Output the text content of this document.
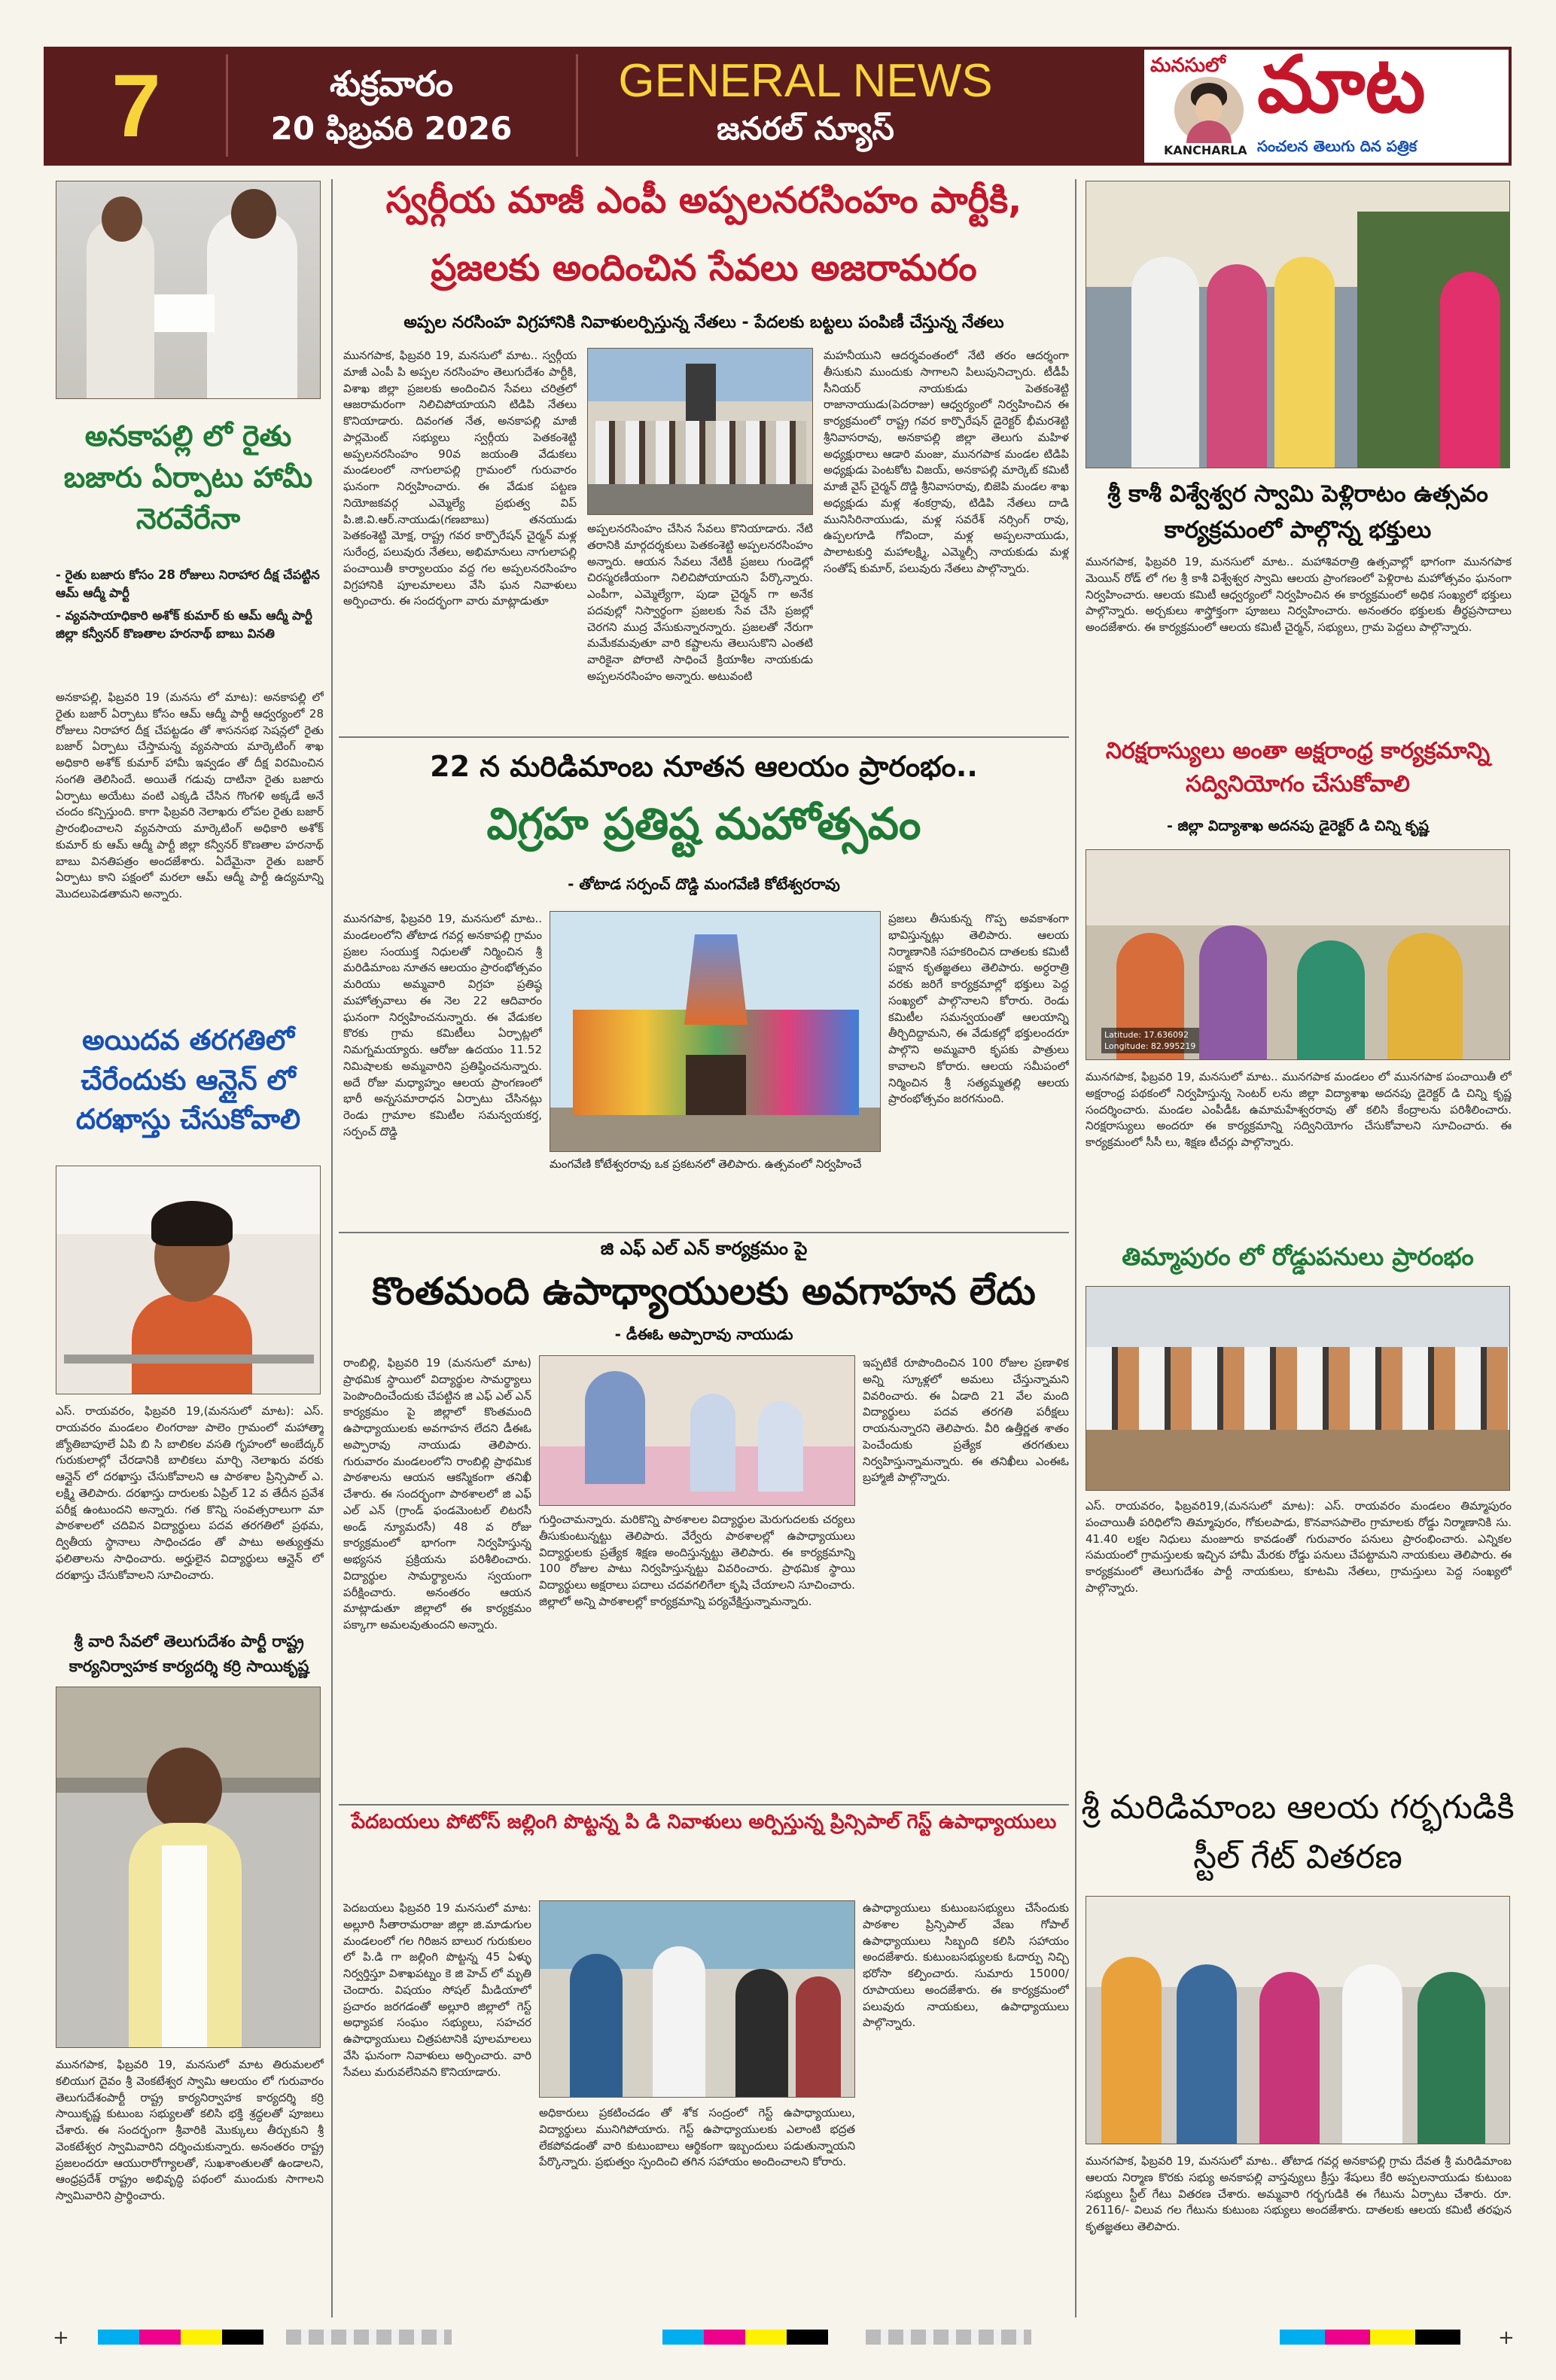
7	శుక్రవారం
20 ఫిబ్రవరి 2026
GENERAL NEWS
జనరల్ న్యూస్
మనసులో
KANCHARLA
మాట
సంచలన తెలుగు దిన పత్రిక
అనకాపల్లి లో రైతు బజారు ఏర్పాటు హామీ నెరవేరేనా
- రైతు బజారు కోసం 28 రోజులు నిరాహార దీక్ష చేపట్టిన ఆమ్ ఆద్మీ పార్టీ
- వ్యవసాయాధికారి అశోక్ కుమార్ కు ఆమ్ ఆద్మీ పార్టీ జిల్లా కన్వీనర్ కొణతాల హరనాథ్ బాబు వినతి
అనకాపల్లి, ఫిబ్రవరి 19 (మనసు లో మాట): అనకాపల్లి లో రైతు బజార్ ఏర్పాటు కోసం ఆమ్ ఆద్మీ పార్టీ ఆధ్వర్యంలో 28 రోజులు నిరాహార దీక్ష చేపట్టడం తో శాసనసభ సెషన్లలో రైతు బజార్ ఏర్పాటు చేస్తామన్న వ్యవసాయ మార్కెటింగ్ శాఖ అధికారి అశోక్ కుమార్ హామీ ఇవ్వడం తో దీక్ష విరమించిన సంగతి తెలిసిందే. అయితే గడువు దాటినా రైతు బజారు ఏర్పాటు అయేటు వంటి ఎక్కడి చేసిన గొంగళి అక్కడే అనే చందం కన్పిస్తుంది. కాగా ఫిబ్రవరి నెలాఖరు లోపల రైతు బజార్ ప్రారంభించాలని వ్యవసాయ మార్కెటింగ్ అధికారి అశోక్ కుమార్ కు ఆమ్ ఆద్మీ పార్టీ జిల్లా కన్వీనర్ కొణతాల హరనాథ్ బాబు వినతిపత్రం అందజేశారు. ఏదేమైనా రైతు బజార్ ఏర్పాటు కాని పక్షంలో మరలా ఆమ్ ఆద్మీ పార్టీ ఉద్యమాన్ని మొదలుపెడతామని అన్నారు.
అయిదవ తరగతిలో చేరేందుకు ఆన్లైన్ లో దరఖాస్తు చేసుకోవాలి
ఎస్. రాయవరం, ఫిబ్రవరి 19,(మనసులో మాట): ఎస్. రాయవరం మండలం లింగరాజు పాలెం గ్రామంలో మహాత్మా జ్యోతిబాపూలే ఏపి బి సి బాలికల వసతి గృహంలో అంబేద్కర్ గురుకులాల్లో చేరడానికి బాలికలు మార్చి నెలాఖరు వరకు ఆన్లైన్ లో దరఖాస్తు చేసుకోవాలని ఆ పాఠశాల ప్రిన్సిపాల్ ఎ. లక్ష్మి తెలిపారు. దరఖాస్తు దారులకు ఏప్రిల్ 12 వ తేదీన ప్రవేశ పరీక్ష ఉంటుందని అన్నారు. గత కొన్ని సంవత్సరాలుగా మా పాఠశాలలో చదివిన విద్యార్థులు పదవ తరగతిలో ప్రథమ, ద్వితీయ స్థానాలు సాధించడం తో పాటు అత్యుత్తమ ఫలితాలను సాధించారు. అర్హులైన విద్యార్థులు ఆన్లైన్ లో దరఖాస్తు చేసుకోవాలని సూచించారు.
శ్రీ వారి సేవలో తెలుగుదేశం పార్టీ రాష్ట్ర కార్యనిర్వాహక కార్యదర్శి కర్రి సాయికృష్ణ
మునగపాక, ఫిబ్రవరి 19, మనసులో మాట తిరుమలలో కలియుగ దైవం శ్రీ వెంకటేశ్వర స్వామి ఆలయం లో గురువారం తెలుగుదేశంపార్టీ రాష్ట్ర కార్యనిర్వాహక కార్యదర్శి కర్రి సాయికృష్ణ కుటుంబ సభ్యులతో కలిసి భక్తి శ్రద్ధలతో పూజలు చేశారు. ఈ సందర్భంగా శ్రీవారికి మొక్కులు తీర్చుకుని శ్రీ వెంకటేశ్వర స్వామివారిని దర్శించుకున్నారు. అనంతరం రాష్ట్ర ప్రజలందరూ ఆయురారోగ్యాలతో, సుఖశాంతులతో ఉండాలని, ఆంధ్రప్రదేశ్ రాష్ట్రం అభివృద్ధి పథంలో ముందుకు సాగాలని స్వామివారిని ప్రార్థించారు.
స్వర్గీయ మాజీ ఎంపీ అప్పలనరసింహం పార్టీకి,
ప్రజలకు అందించిన సేవలు అజరామరం
అప్పల నరసింహ విగ్రహానికి నివాళులర్పిస్తున్న నేతలు - పేదలకు బట్టలు పంపిణీ చేస్తున్న నేతలు
మునగపాక, ఫిబ్రవరి 19, మనసులో మాట.. స్వర్గీయ మాజీ ఎంపీ పి అప్పల నరసింహం తెలుగుదేశం పార్టీకి, విశాఖ జిల్లా ప్రజలకు అందించిన సేవలు చరిత్రలో ఆజరామరంగా నిలిచిపోయాయని టిడిపి నేతలు కొనియాడారు. దివంగత నేత, అనకాపల్లి మాజీ పార్లమెంట్ సభ్యులు స్వర్గీయ పెతకంశెట్టి అప్పలనరసింహం 90వ జయంతి వేడుకలు మండలంలో నాగులాపల్లి గ్రామంలో గురువారం ఘనంగా నిర్వహించారు. ఈ వేడుక పట్టణ నియోజకవర్గ ఎమ్మెల్యే ప్రభుత్వ విప్ పి.జి.వి.ఆర్.నాయుడు(గణబాబు) తనయుడు పెతకంశెట్టి మోక్ష, రాష్ట్ర గవర కార్పొరేషన్ చైర్మన్ మళ్ల సురేంద్ర, పలువురు నేతలు, అభిమానులు నాగులాపల్లి పంచాయితీ కార్యాలయం వద్ద గల అప్పలనరసింహం విగ్రహానికి పూలమాలలు వేసి ఘన నివాళులు అర్పించారు. ఈ సందర్భంగా వారు మాట్లాడుతూ
అప్పలనరసింహం చేసిన సేవలు కొనియాడారు. నేటి తరానికి మార్గదర్శకులు పెతకంశెట్టి అప్పలనరసింహం అన్నారు. ఆయన సేవలు నేటికీ ప్రజలు గుండెల్లో చిరస్మరణీయంగా నిలిచిపోయాయని పేర్కొన్నారు. ఎంపీగా, ఎమ్మెల్యేగా, పుడా చైర్మన్ గా అనేక పదవుల్లో నిస్వార్థంగా ప్రజలకు సేవ చేసి ప్రజల్లో చెరగని ముద్ర వేసుకున్నారన్నారు. ప్రజలతో నేరుగా మమేకమవుతూ వారి కష్టాలను తెలుసుకొని ఎంతటి వారికైనా పోరాటి సాధించే క్రియాశీల నాయకుడు అప్పలనరసింహం అన్నారు. అటువంటి
మహనీయుని ఆదర్శవంతంలో నేటి తరం ఆదర్శంగా తీసుకుని ముందుకు సాగాలని పిలుపునిచ్చారు. టీడీపీ సీనియర్ నాయకుడు పెతకంశెట్టి రాజానాయుడు(పెదరాజు) ఆధ్వర్యంలో నిర్వహించిన ఈ కార్యక్రమంలో రాష్ట్ర గవర కార్పొరేషన్ డైరెక్టర్ భీమరశెట్టి శ్రీనివాసరావు, అనకాపల్లి జిల్లా తెలుగు మహిళ అధ్యక్షురాలు ఆడారి మంజు, మునగపాక మండల టిడిపి అధ్యక్షుడు పెంటకోట విజయ్, అనకాపల్లి మార్కెట్ కమిటీ మాజీ వైస్ చైర్మన్ దొడ్డి శ్రీనివాసరావు, బిజెపి మండల శాఖ అధ్యక్షుడు మళ్ల శంకర్రావు, టిడిపి నేతలు దాడి మునిసిరినాయుడు, మళ్ల సవరేశ్ నర్సింగ్ రావు, ఉప్పలగూడి గోవిందా, మళ్ల అప్పలనాయుడు, పాలాటకుర్తి మహాలక్ష్మి, ఎమ్మెల్సీ నాయకుడు మళ్ల సంతోష్ కుమార్, పలువురు నేతలు పాల్గొన్నారు.
22 న మరిడిమాంబ నూతన ఆలయం ప్రారంభం..
విగ్రహ ప్రతిష్ట మహోత్సవం
- తోటాడ సర్పంచ్ దొడ్డి మంగవేణి కోటేశ్వరరావు
మునగపాక, ఫిబ్రవరి 19, మనసులో మాట.. మండలంలోని తోటాడ గవర్ల అనకాపల్లి గ్రామం ప్రజల సంయుక్త నిధులతో నిర్మించిన శ్రీ మరిడిమాంబ నూతన ఆలయం ప్రారంభోత్సవం మరియు అమ్మవారి విగ్రహ ప్రతిష్ఠ మహోత్సవాలు ఈ నెల 22 ఆదివారం ఘనంగా నిర్వహించనున్నారు. ఈ వేడుకల కొరకు గ్రామ కమిటీలు ఏర్పాట్లలో నిమగ్నమయ్యారు. ఆరోజు ఉదయం 11.52 నిమిషాలకు అమ్మవారిని ప్రతిష్ఠించనున్నారు. అదే రోజు మధ్యాహ్నం ఆలయ ప్రాంగణంలో భారీ అన్నసమారాధన ఏర్పాటు చేసినట్లు రెండు గ్రామాల కమిటీల సమన్వయకర్త, సర్పంచ్ దొడ్డి
మంగవేణి కోటేశ్వరరావు ఒక ప్రకటనలో తెలిపారు. ఉత్సవంలో నిర్వహించే
ప్రజలు తీసుకున్న గొప్ప అవకాశంగా భావిస్తున్నట్లు తెలిపారు. ఆలయ నిర్మాణానికి సహకరించిన దాతలకు కమిటీ పక్షాన కృతజ్ఞతలు తెలిపారు. అర్ధరాత్రి వరకు జరిగే కార్యక్రమాల్లో భక్తులు పెద్ద సంఖ్యలో పాల్గొనాలని కోరారు. రెండు కమిటీల సమన్వయంతో ఆలయాన్ని తీర్చిదిద్దామని, ఈ వేడుకల్లో భక్తులందరూ పాల్గొని అమ్మవారి కృపకు పాత్రులు కావాలని కోరారు. ఆలయ సమీపంలో నిర్మించిన శ్రీ సత్యమ్మతల్లి ఆలయ ప్రారంభోత్సవం జరగనుంది.
జి ఎఫ్ ఎల్ ఎన్ కార్యక్రమం పై
కొంతమంది ఉపాధ్యాయులకు అవగాహన లేదు
- డీఈఓ అప్పారావు నాయుడు
రాంబిల్లి, ఫిబ్రవరి 19 (మనసులో మాట) ప్రాథమిక స్థాయిలో విద్యార్థుల సామర్థ్యాలు పెంపొందించేందుకు చేపట్టిన జి ఎఫ్ ఎల్ ఎన్ కార్యక్రమం పై జిల్లాలో కొంతమంది ఉపాధ్యాయులకు అవగాహన లేదని డీఈఓ అప్పారావు నాయుడు తెలిపారు. గురువారం మండలంలోని రాంబిల్లి ప్రాథమిక పాఠశాలను ఆయన ఆకస్మికంగా తనిఖీ చేశారు. ఈ సందర్భంగా పాఠశాలలో జి ఎఫ్ ఎల్ ఎన్ (గ్రాండ్ ఫండమెంటల్ లిటరసీ అండ్ న్యూమరసీ) 48 వ రోజు కార్యక్రమంలో భాగంగా నిర్వహిస్తున్న అభ్యసన ప్రక్రియను పరిశీలించారు. విద్యార్థుల సామర్థ్యాలను స్వయంగా పరీక్షించారు. అనంతరం ఆయన మాట్లాడుతూ జిల్లాలో ఈ కార్యక్రమం పక్కాగా అమలవుతుందని అన్నారు.
గుర్తించామన్నారు. మరికొన్ని పాఠశాలల విద్యార్థుల మెరుగుదలకు చర్యలు తీసుకుంటున్నట్టు తెలిపారు. వేర్వేరు పాఠశాలల్లో ఉపాధ్యాయులు విద్యార్థులకు ప్రత్యేక శిక్షణ అందిస్తున్నట్టు తెలిపారు. ఈ కార్యక్రమాన్ని 100 రోజుల పాటు నిర్వహిస్తున్నట్టు వివరించారు. ప్రాథమిక స్థాయి విద్యార్థులు అక్షరాలు పదాలు చదవగలిగేలా కృషి చేయాలని సూచించారు. జిల్లాలో అన్ని పాఠశాలల్లో కార్యక్రమాన్ని పర్యవేక్షిస్తున్నామన్నారు.
ఇప్పటికే రూపొందించిన 100 రోజుల ప్రణాళిక అన్ని స్కూళ్లలో అమలు చేస్తున్నామని వివరించారు. ఈ ఏడాది 21 వేల మంది విద్యార్థులు పదవ తరగతి పరీక్షలు రాయనున్నారని తెలిపారు. వీరి ఉత్తీర్ణత శాతం పెంచేందుకు ప్రత్యేక తరగతులు నిర్వహిస్తున్నామన్నారు. ఈ తనిఖీలు ఎంఈఓ బ్రహ్మాజీ పాల్గొన్నారు.
పేదబయలు పోటోస్ జల్లింగి పొట్టన్న పి డి నివాళులు అర్పిస్తున్న ప్రిన్సిపాల్ గెస్ట్ ఉపాధ్యాయులు
పెదబయలు ఫిబ్రవరి 19 మనసులో మాట: అల్లూరి సీతారామరాజు జిల్లా జి.మాడుగుల మండలంలో గల గిరిజన బాలుర గురుకులం లో పి.డి గా జల్లింగి పొట్టన్న 45 ఏళ్ళు నిర్వర్తిస్తూ విశాఖపట్నం కె జి హెచ్ లో మృతి చెందారు. విషయం సోషల్ మీడియాలో ప్రచారం జరగడంతో అల్లూరి జిల్లాలో గెస్ట్ అధ్యాపక సంఘం సభ్యులు, సహచర ఉపాధ్యాయులు చిత్రపటానికి పూలమాలలు వేసి ఘనంగా నివాళులు అర్పించారు. వారి సేవలు మరువలేనివని కొనియాడారు.
అధికారులు ప్రకటించడం తో శోక సంద్రంలో గెస్ట్ ఉపాధ్యాయులు, విద్యార్థులు మునిగిపోయారు. గెస్ట్ ఉపాధ్యాయులకు ఎలాంటి భద్రత లేకపోవడంతో వారి కుటుంబాలు ఆర్థికంగా ఇబ్బందులు పడుతున్నాయని పేర్కొన్నారు. ప్రభుత్వం స్పందించి తగిన సహాయం అందించాలని కోరారు.
ఉపాధ్యాయులు కుటుంబసభ్యులు చేసేందుకు పాఠశాల ప్రిన్సిపాల్ వేణు గోపాల్ ఉపాధ్యాయులు సిబ్బంది కలిసి సహాయం అందజేశారు. కుటుంబసభ్యులకు ఓదార్పు నిచ్చి భరోసా కల్పించారు. సుమారు 15000/రూపాయలు అందజేశారు. ఈ కార్యక్రమంలో పలువురు నాయకులు, ఉపాధ్యాయులు పాల్గొన్నారు.
శ్రీ కాశీ విశ్వేశ్వర స్వామి పెళ్లిరాటం ఉత్సవం కార్యక్రమంలో పాల్గొన్న భక్తులు
మునగపాక, ఫిబ్రవరి 19, మనసులో మాట.. మహాశివరాత్రి ఉత్సవాల్లో భాగంగా మునగపాక మెయిన్ రోడ్ లో గల శ్రీ కాశీ విశ్వేశ్వర స్వామి ఆలయ ప్రాంగణంలో పెళ్లిరాట మహోత్సవం ఘనంగా నిర్వహించారు. ఆలయ కమిటీ ఆధ్వర్యంలో నిర్వహించిన ఈ కార్యక్రమంలో అధిక సంఖ్యలో భక్తులు పాల్గొన్నారు. అర్చకులు శాస్త్రోక్తంగా పూజలు నిర్వహించారు. అనంతరం భక్తులకు తీర్థప్రసాదాలు అందజేశారు. ఈ కార్యక్రమంలో ఆలయ కమిటీ చైర్మన్, సభ్యులు, గ్రామ పెద్దలు పాల్గొన్నారు.
నిరక్షరాస్యులు అంతా అక్షరాంధ్ర కార్యక్రమాన్ని సద్వినియోగం చేసుకోవాలి
- జిల్లా విద్యాశాఖ అదనపు డైరెక్టర్ డి చిన్ని కృష్ణ
Latitude: 17.636092 Longitude: 82.995219
మునగపాక, ఫిబ్రవరి 19, మనసులో మాట.. మునగపాక మండలం లో మునగపాక పంచాయితీ లో అక్షరాంధ్ర పథకంలో నిర్వహిస్తున్న సెంటర్ లను జిల్లా విద్యాశాఖ అదనపు డైరెక్టర్ డి చిన్ని కృష్ణ సందర్శించారు. మండల ఎంపీడీఓ ఉమామహేశ్వరరావు తో కలిసి కేంద్రాలను పరిశీలించారు. నిరక్షరాస్యులు అందరూ ఈ కార్యక్రమాన్ని సద్వినియోగం చేసుకోవాలని సూచించారు. ఈ కార్యక్రమంలో సీసీ లు, శిక్షణ టీచర్లు పాల్గొన్నారు.
తిమ్మాపురం లో రోడ్డుపనులు ప్రారంభం
ఎస్. రాయవరం, ఫిబ్రవరి19,(మనసులో మాట): ఎస్. రాయవరం మండలం తిమ్మాపురం పంచాయితీ పరిధిలోని తిమ్మాపురం, గోకులపాడు, కొనవాసపాలెం గ్రామాలకు రోడ్డు నిర్మాణానికి సు. 41.40 లక్షల నిధులు మంజూరు కావడంతో గురువారం పనులు ప్రారంభించారు. ఎన్నికల సమయంలో గ్రామస్తులకు ఇచ్చిన హామీ మేరకు రోడ్డు పనులు చేపట్టామని నాయకులు తెలిపారు. ఈ కార్యక్రమంలో తెలుగుదేశం పార్టీ నాయకులు, కూటమి నేతలు, గ్రామస్తులు పెద్ద సంఖ్యలో పాల్గొన్నారు.
శ్రీ మరిడిమాంబ ఆలయ గర్భగుడికి స్టీల్ గేట్ వితరణ
మునగపాక, ఫిబ్రవరి 19, మనసులో మాట.. తోటాడ గవర్ల అనకాపల్లి గ్రామ దేవత శ్రీ మరిడిమాంబ ఆలయ నిర్మాణ కొరకు సభ్యు అనకాపల్లి వాస్తవ్యులు క్రీస్తు శేషులు కేరి అప్పలనాయుడు కుటుంబ సభ్యులు స్టీల్ గేటు వితరణ చేశారు. అమ్మవారి గర్భగుడికి ఈ గేటును ఏర్పాటు చేశారు. రూ. 26116/- విలువ గల గేటును కుటుంబ సభ్యులు అందజేశారు. దాతలకు ఆలయ కమిటీ తరఫున కృతజ్ఞతలు తెలిపారు.
+	+
